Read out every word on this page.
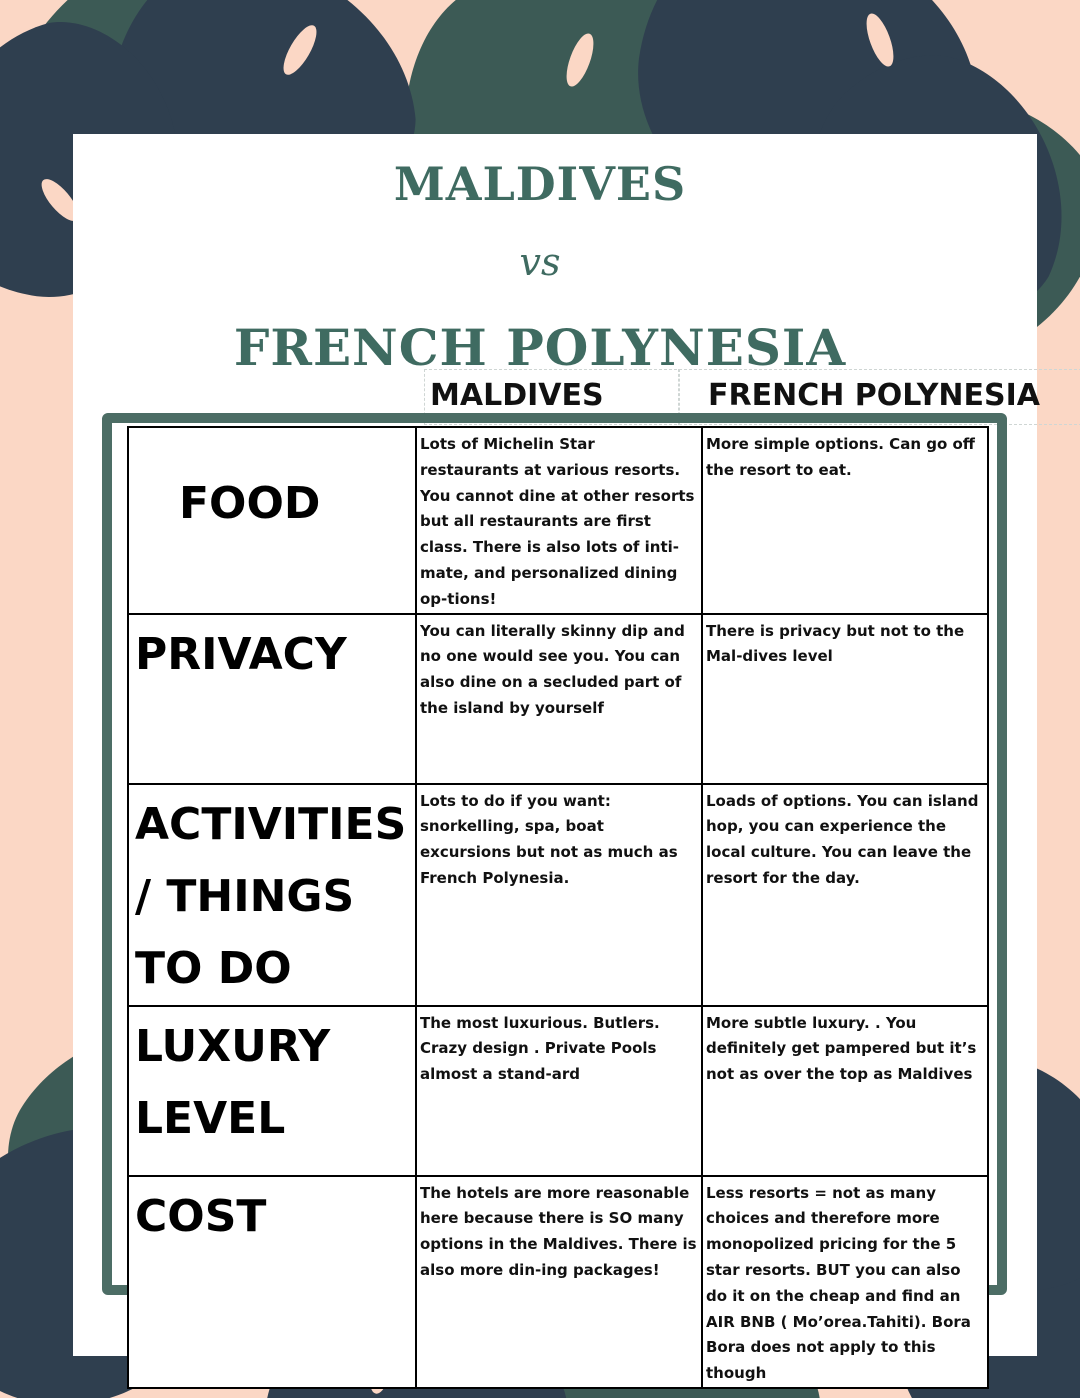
MALDIVES
vs
FRENCH POLYNESIA
MALDIVES	FRENCH POLYNESIA
FOOD	Lots of Michelin Star restaurants at various resorts. You cannot dine at other resorts but all restaurants are first class. There is also lots of inti-mate, and personalized dining op-tions!	More simple options. Can go off the resort to eat.

PRIVACY	You can literally skinny dip and no one would see you. You can also dine on a secluded part of the island by yourself	There is privacy but not to the Mal-dives level

ACTIVITIES / THINGS TO DO	Lots to do if you want: snorkelling, spa, boat excursions but not as much as French Polynesia.	Loads of options. You can island hop, you can experience the local culture. You can leave the resort for the day.

LUXURY LEVEL	The most luxurious. Butlers. Crazy design . Private Pools almost a stand-ard	More subtle luxury. . You definitely get pampered but it’s not as over the top as Maldives

COST	The hotels are more reasonable here because there is SO many options in the Maldives. There is also more din-ing packages!	Less resorts = not as many choices and therefore more monopolized pricing for the 5 star resorts. BUT you can also do it on the cheap and find an AIR BNB ( Mo’orea.Tahiti). Bora Bora does not apply to this though
